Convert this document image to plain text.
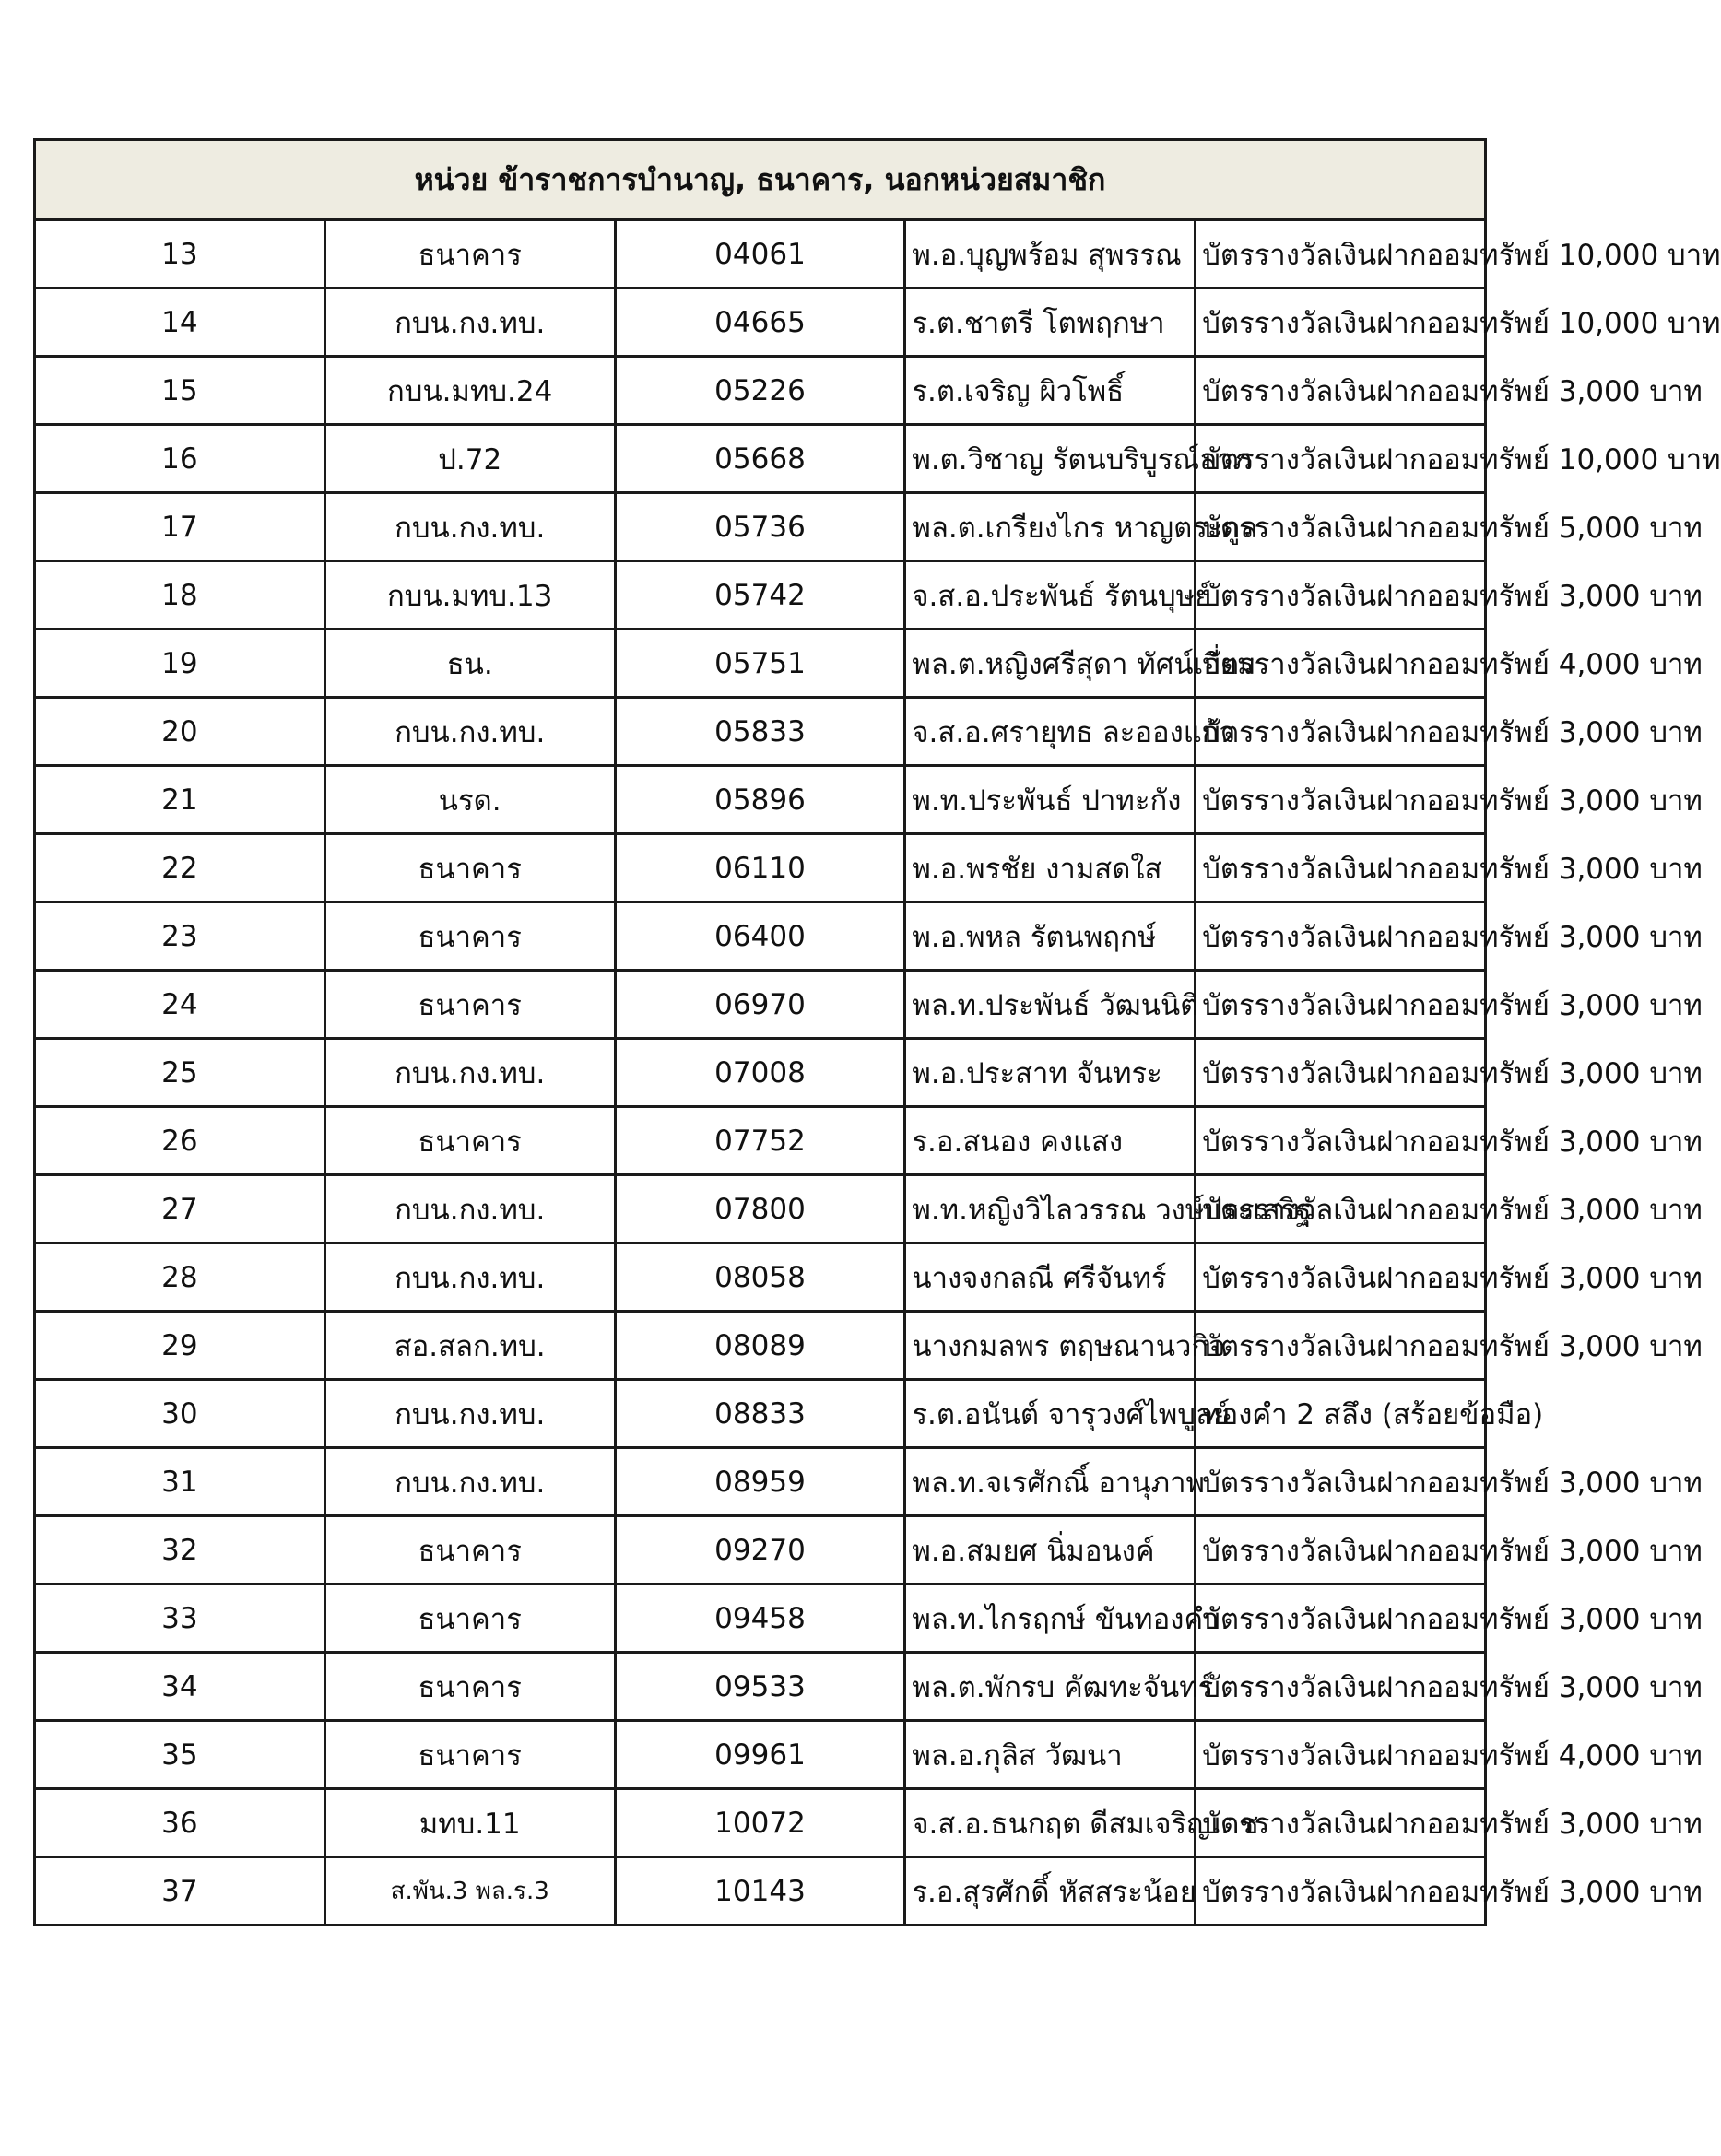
หน่วย ข้าราชการบำนาญ, ธนาคาร, นอกหน่วยสมาชิก				
13	ธนาคาร	04061	พ.อ.บุญพร้อม สุพรรณ	บัตรรางวัลเงินฝากออมทรัพย์ 10,000 บาท
14	กบน.กง.ทบ.	04665	ร.ต.ชาตรี โตพฤกษา	บัตรรางวัลเงินฝากออมทรัพย์ 10,000 บาท
15	กบน.มทบ.24	05226	ร.ต.เจริญ ผิวโพธิ์	บัตรรางวัลเงินฝากออมทรัพย์ 3,000 บาท
16	ป.72	05668	พ.ต.วิชาญ รัตนบริบูรณ์ลาภ	บัตรรางวัลเงินฝากออมทรัพย์ 10,000 บาท
17	กบน.กง.ทบ.	05736	พล.ต.เกรียงไกร หาญตระกูล	บัตรรางวัลเงินฝากออมทรัพย์ 5,000 บาท
18	กบน.มทบ.13	05742	จ.ส.อ.ประพันธ์ รัตนบุษย์	บัตรรางวัลเงินฝากออมทรัพย์ 3,000 บาท
19	ธน.	05751	พล.ต.หญิงศรีสุดา ทัศน์เอี่ยม	บัตรรางวัลเงินฝากออมทรัพย์ 4,000 บาท
20	กบน.กง.ทบ.	05833	จ.ส.อ.ศรายุทธ ละอองแก้ว	บัตรรางวัลเงินฝากออมทรัพย์ 3,000 บาท
21	นรด.	05896	พ.ท.ประพันธ์ ปาทะกัง	บัตรรางวัลเงินฝากออมทรัพย์ 3,000 บาท
22	ธนาคาร	06110	พ.อ.พรชัย งามสดใส	บัตรรางวัลเงินฝากออมทรัพย์ 3,000 บาท
23	ธนาคาร	06400	พ.อ.พหล รัตนพฤกษ์	บัตรรางวัลเงินฝากออมทรัพย์ 3,000 บาท
24	ธนาคาร	06970	พล.ท.ประพันธ์ วัฒนนิติ	บัตรรางวัลเงินฝากออมทรัพย์ 3,000 บาท
25	กบน.กง.ทบ.	07008	พ.อ.ประสาท จันทระ	บัตรรางวัลเงินฝากออมทรัพย์ 3,000 บาท
26	ธนาคาร	07752	ร.อ.สนอง คงแสง	บัตรรางวัลเงินฝากออมทรัพย์ 3,000 บาท
27	กบน.กง.ทบ.	07800	พ.ท.หญิงวิไลวรรณ วงษ์ประเสริฐ	บัตรรางวัลเงินฝากออมทรัพย์ 3,000 บาท
28	กบน.กง.ทบ.	08058	นางจงกลณี ศรีจันทร์	บัตรรางวัลเงินฝากออมทรัพย์ 3,000 บาท
29	สอ.สลก.ทบ.	08089	นางกมลพร ตฤษณานวกิจ	บัตรรางวัลเงินฝากออมทรัพย์ 3,000 บาท
30	กบน.กง.ทบ.	08833	ร.ต.อนันต์ จารุวงศ์ไพบูลย์	ทองคำ 2 สลึง (สร้อยข้อมือ)
31	กบน.กง.ทบ.	08959	พล.ท.จเรศักณิ์ อานุภาพ	บัตรรางวัลเงินฝากออมทรัพย์ 3,000 บาท
32	ธนาคาร	09270	พ.อ.สมยศ นิ่มอนงค์	บัตรรางวัลเงินฝากออมทรัพย์ 3,000 บาท
33	ธนาคาร	09458	พล.ท.ไกรฤกษ์ ขันทองคำ	บัตรรางวัลเงินฝากออมทรัพย์ 3,000 บาท
34	ธนาคาร	09533	พล.ต.พักรบ คัฒทะจันทร์	บัตรรางวัลเงินฝากออมทรัพย์ 3,000 บาท
35	ธนาคาร	09961	พล.อ.กุลิส วัฒนา	บัตรรางวัลเงินฝากออมทรัพย์ 4,000 บาท
36	มทบ.11	10072	จ.ส.อ.ธนกฤต ดีสมเจริญเดช	บัตรรางวัลเงินฝากออมทรัพย์ 3,000 บาท
37	ส.พัน.3 พล.ร.3	10143	ร.อ.สุรศักดิ์ หัสสระน้อย	บัตรรางวัลเงินฝากออมทรัพย์ 3,000 บาท
